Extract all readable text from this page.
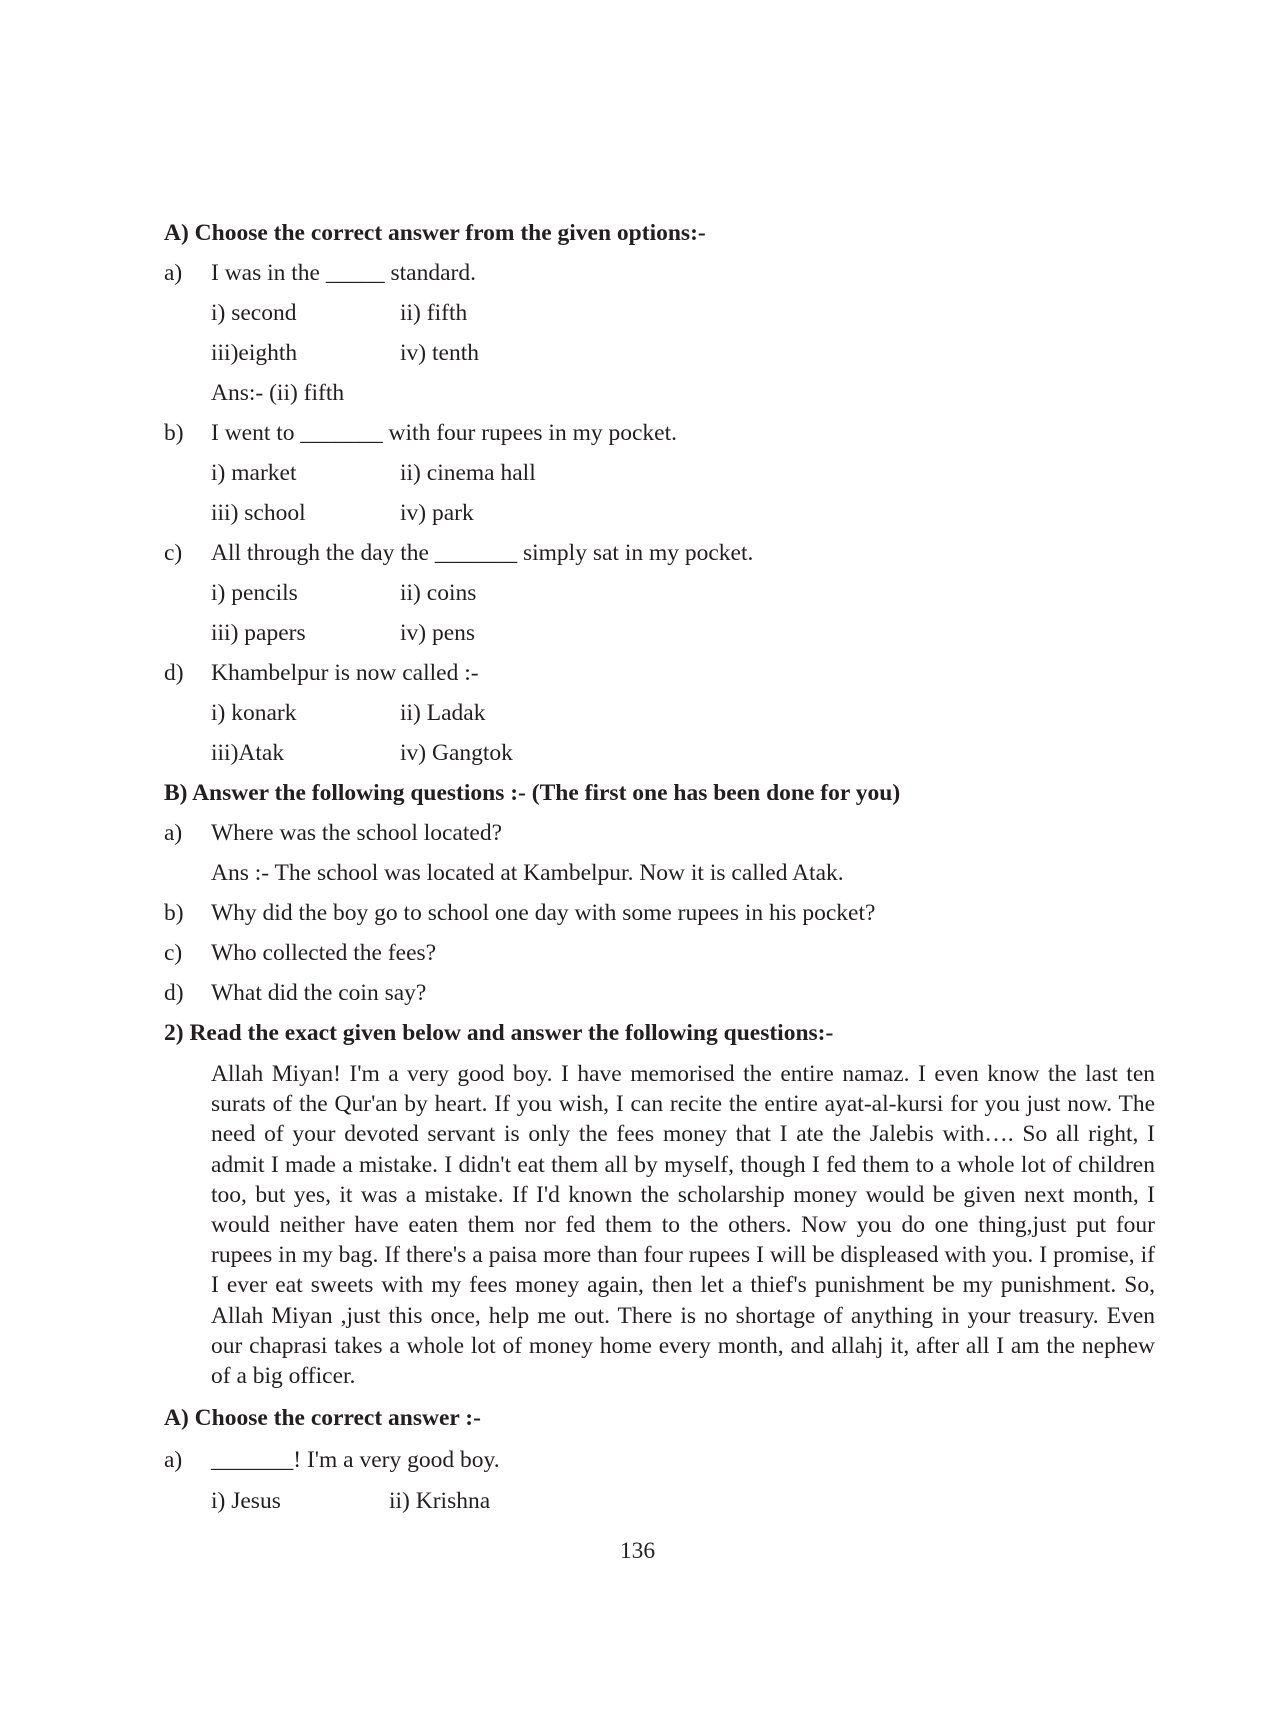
A) Choose the correct answer from the given options:-
a) I was in the _____ standard.
i) second	ii) fifth
iii)eighth	iv) tenth
Ans:- (ii) fifth
b) I went to _______ with four rupees in my pocket.
i) market	ii) cinema hall
iii) school	iv) park
c) All through the day the _______ simply sat in my pocket.
i) pencils	ii) coins
iii) papers	iv) pens
d) Khambelpur is now called :-
i) konark	ii) Ladak
iii)Atak	iv) Gangtok
B) Answer the following questions :- (The first one has been done for you)
a) Where was the school located?
Ans :- The school was located at Kambelpur. Now it is called Atak.
b) Why did the boy go to school one day with some rupees in his pocket?
c) Who collected the fees?
d) What did the coin say?
2) Read the exact given below and answer the following questions:-
Allah Miyan! I'm a very good boy. I have memorised the entire namaz. I even know the last ten surats of the Qur'an by heart. If you wish, I can recite the entire ayat-al-kursi for you just now. The need of your devoted servant is only the fees money that I ate the Jalebis with…. So all right, I admit I made a mistake. I didn't eat them all by myself, though I fed them to a whole lot of children too, but yes, it was a mistake. If I'd known the scholarship money would be given next month, I would neither have eaten them nor fed them to the others. Now you do one thing,just put four rupees in my bag. If there's a paisa more than four rupees I will be displeased with you. I promise, if I ever eat sweets with my fees money again, then let a thief's punishment be my punishment. So, Allah Miyan ,just this once, help me out. There is no shortage of anything in your treasury. Even our chaprasi takes a whole lot of money home every month, and allahj it, after all I am the nephew of a big officer.
A) Choose the correct answer :-
a) _______! I'm a very good boy.
i) Jesus	ii) Krishna
136
